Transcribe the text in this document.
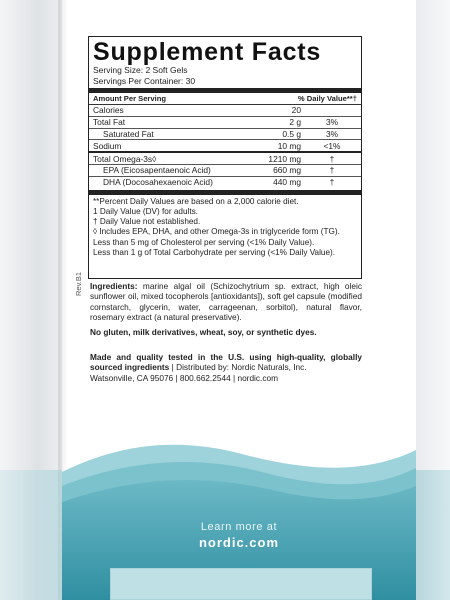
Rev.B1
Supplement Facts
Serving Size: 2 Soft Gels
Servings Per Container: 30
Amount Per Serving	% Daily Value**†
Calories	20
Total Fat	2 g	3%
Saturated Fat	0.5 g	3%
Sodium	10 mg	<1%
Total Omega-3s◊	1210 mg	†
EPA (Eicosapentaenoic Acid)	660 mg	†
DHA (Docosahexaenoic Acid)	440 mg	†
**Percent Daily Values are based on a 2,000 calorie diet.
1 Daily Value (DV) for adults.
† Daily Value not established.
◊ Includes EPA, DHA, and other Omega-3s in triglyceride form (TG).
Less than 5 mg of Cholesterol per serving (<1% Daily Value).
Less than 1 g of Total Carbohydrate per serving (<1% Daily Value).
Ingredients: marine algal oil (Schizochytrium sp. extract, high oleic sunflower oil, mixed tocopherols [antioxidants]), soft gel capsule (modified cornstarch, glycerin, water, carrageenan, sorbitol), natural flavor, rosemary extract (a natural preservative).
No gluten, milk derivatives, wheat, soy, or synthetic dyes.
Made and quality tested in the U.S. using high-quality, globally sourced ingredients | Distributed by: Nordic Naturals, Inc.
Watsonville, CA 95076 | 800.662.2544 | nordic.com
Learn more at
nordic.com
